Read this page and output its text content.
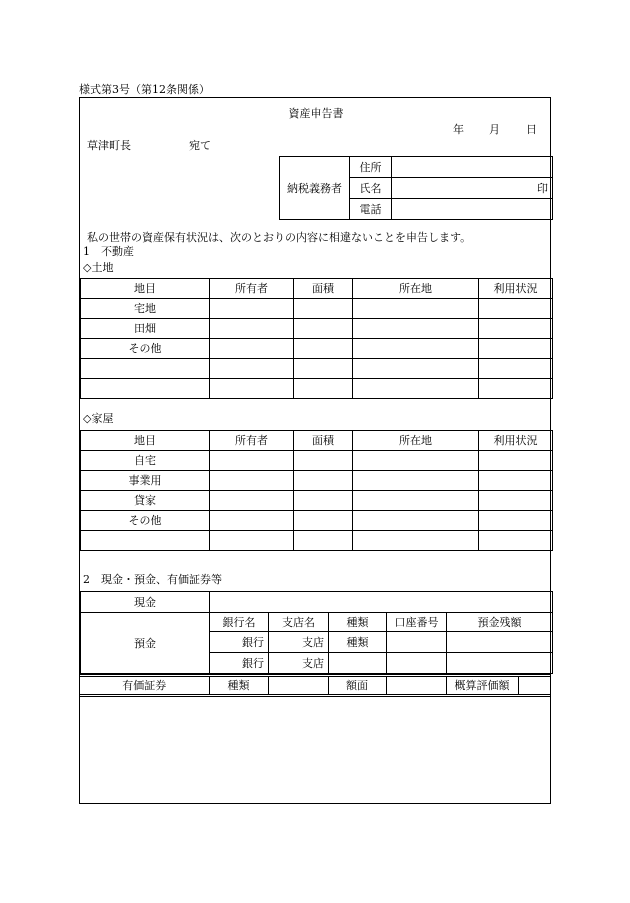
様式第3号（第12条関係）
資産申告書
年 月 日
草津町長	宛て
納税義務者	住所	
	氏名	印

	電話	
私の世帯の資産保有状況は、次のとおりの内容に相違ないことを申告します。
1　不動産
◇土地
地目	所有者	面積	所在地	利用状況
宅地				
田畑				
その他				

◇家屋
地目	所有者	面積	所在地	利用状況
自宅				
事業用				
貸家				
その他				

2　現金・預金、有価証券等
現金					
預金	銀行名	支店名	種類	口座番号	預金残額
	銀行	支店	種類		
	銀行	支店			
有価証券	種類		額面		概算評価額	
